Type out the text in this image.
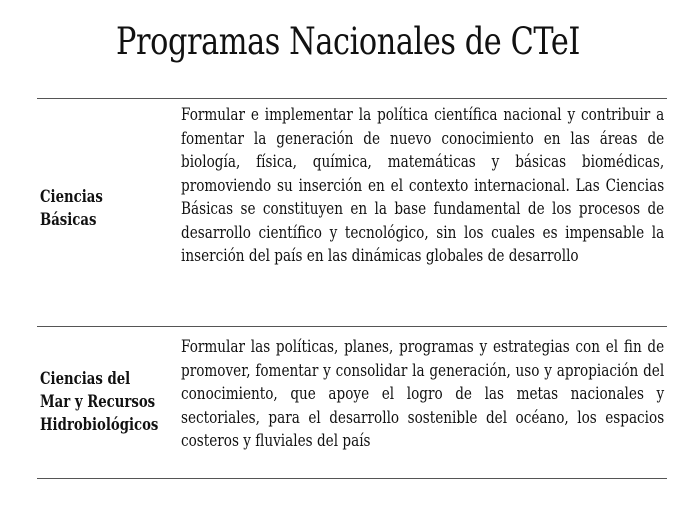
Programas Nacionales de CTeI
Ciencias
Básicas
Formular e implementar la política científica nacional y contribuir a fomentar la generación de nuevo conocimiento en las áreas de biología, física, química, matemáticas y básicas biomédicas, promoviendo su inserción en el contexto internacional. Las Ciencias Básicas se constituyen en la base fundamental de los procesos de desarrollo científico y tecnológico, sin los cuales es impensable la inserción del país en las dinámicas globales de desarrollo
Ciencias del
Mar y Recursos
Hidrobiológicos
Formular las políticas, planes, programas y estrategias con el fin de promover, fomentar y consolidar la generación, uso y apropiación del conocimiento, que apoye el logro de las metas nacionales y sectoriales, para el desarrollo sostenible del océano, los espacios costeros y fluviales del país
